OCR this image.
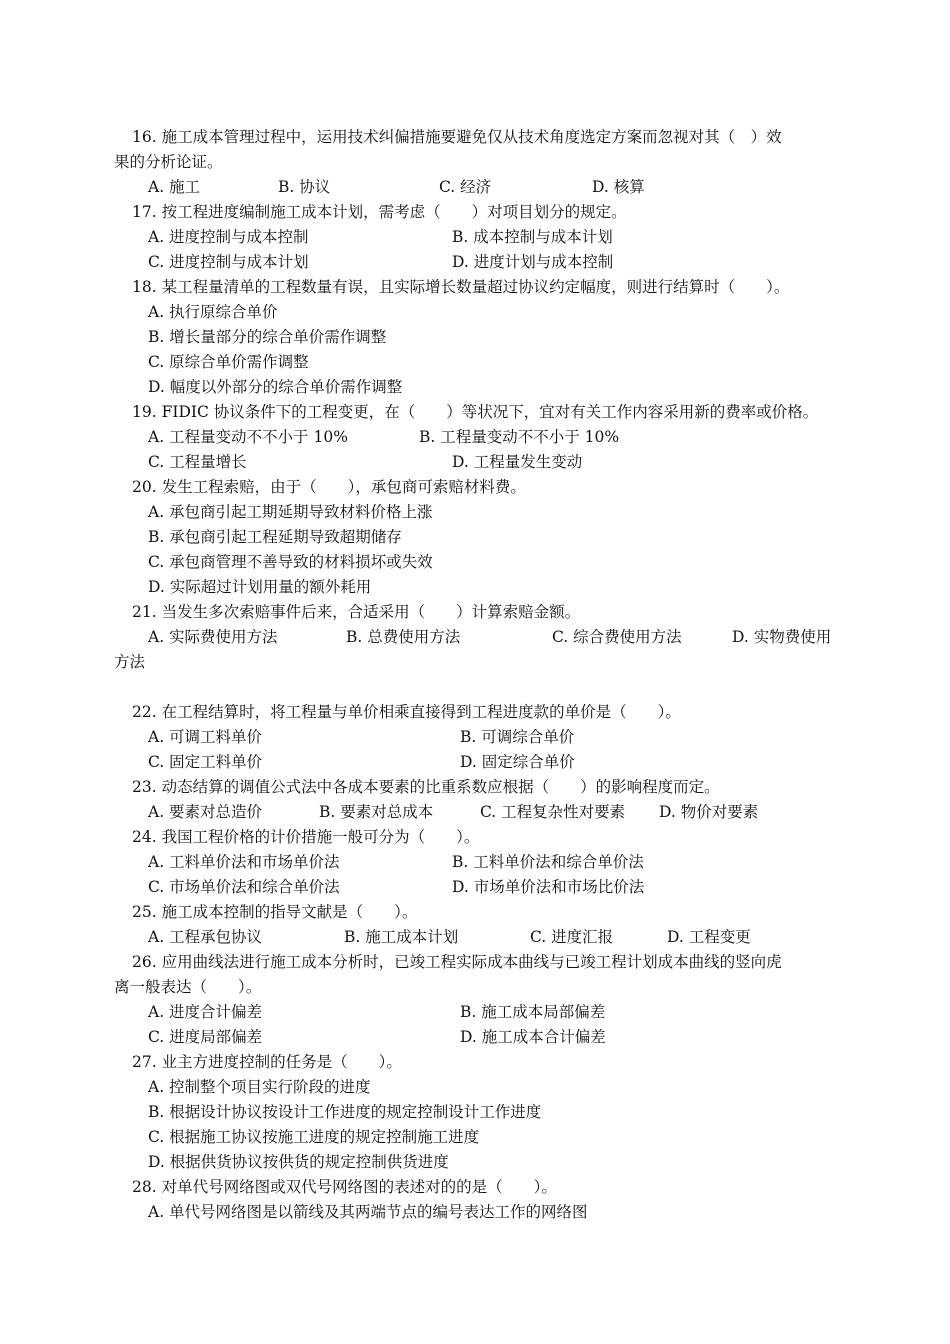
16. 施工成本管理过程中，运用技术纠偏措施要避免仅从技术角度选定方案而忽视对其（　）效
果的分析论证。
A. 施工	B. 协议	C. 经济	D. 核算
17. 按工程进度编制施工成本计划，需考虑（　　）对项目划分的规定。
A. 进度控制与成本控制	B. 成本控制与成本计划
C. 进度控制与成本计划	D. 进度计划与成本控制
18. 某工程量清单的工程数量有误，且实际增长数量超过协议约定幅度，则进行结算时（　　）。
A. 执行原综合单价
B. 增长量部分的综合单价需作调整
C. 原综合单价需作调整
D. 幅度以外部分的综合单价需作调整
19. FIDIC 协议条件下的工程变更，在（　　）等状况下，宜对有关工作内容采用新的费率或价格。
A. 工程量变动不不小于 10%	B. 工程量变动不不小于 10%
C. 工程量增长	D. 工程量发生变动
20. 发生工程索赔，由于（　　），承包商可索赔材料费。
A. 承包商引起工期延期导致材料价格上涨
B. 承包商引起工程延期导致超期储存
C. 承包商管理不善导致的材料损坏或失效
D. 实际超过计划用量的额外耗用
21. 当发生多次索赔事件后来，合适采用（　　）计算索赔金额。
A. 实际费使用方法	B. 总费使用方法	C. 综合费使用方法	D. 实物费使用
方法
22. 在工程结算时，将工程量与单价相乘直接得到工程进度款的单价是（　　）。
A. 可调工料单价	B. 可调综合单价
C. 固定工料单价	D. 固定综合单价
23. 动态结算的调值公式法中各成本要素的比重系数应根据（　　）的影响程度而定。
A. 要素对总造价	B. 要素对总成本	C. 工程复杂性对要素 D. 物价对要素
24. 我国工程价格的计价措施一般可分为（　　）。
A. 工料单价法和市场单价法	B. 工料单价法和综合单价法
C. 市场单价法和综合单价法	D. 市场单价法和市场比价法
25. 施工成本控制的指导文献是（　　）。
A. 工程承包协议	B. 施工成本计划	C. 进度汇报	D. 工程变更
26. 应用曲线法进行施工成本分析时，已竣工程实际成本曲线与已竣工程计划成本曲线的竖向虎
离一般表达（　　）。
A. 进度合计偏差	B. 施工成本局部偏差
C. 进度局部偏差	D. 施工成本合计偏差
27. 业主方进度控制的任务是（　　）。
A. 控制整个项目实行阶段的进度
B. 根据设计协议按设计工作进度的规定控制设计工作进度
C. 根据施工协议按施工进度的规定控制施工进度
D. 根据供货协议按供货的规定控制供货进度
28. 对单代号网络图或双代号网络图的表述对的的是（　　）。
A. 单代号网络图是以箭线及其两端节点的编号表达工作的网络图
